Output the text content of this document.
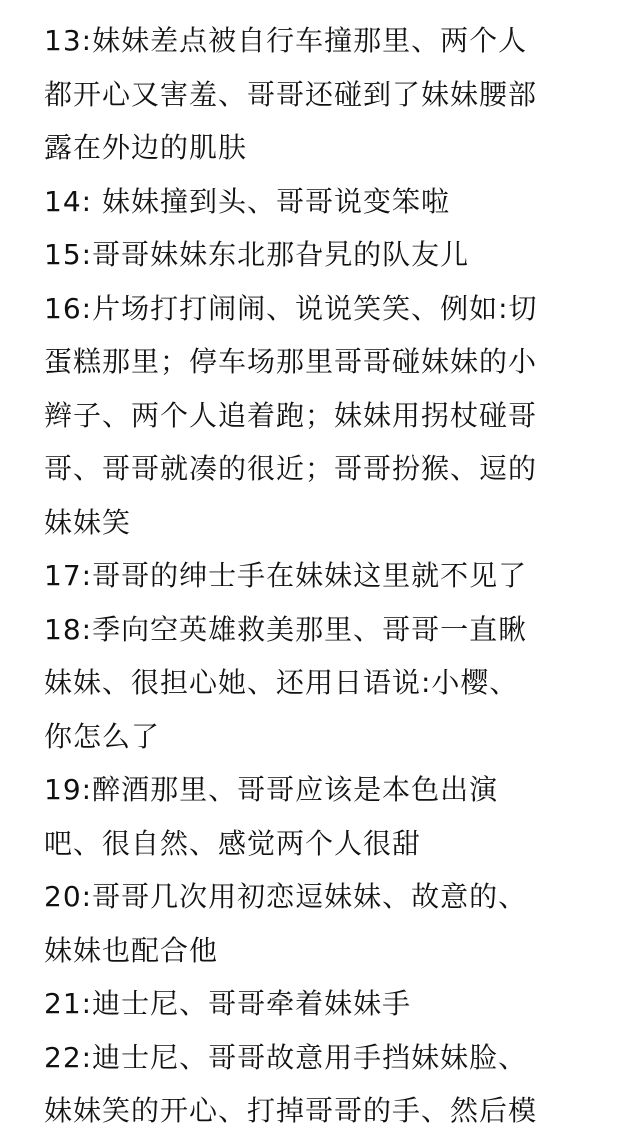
13:妹妹差点被自行车撞那里、两个人
都开心又害羞、哥哥还碰到了妹妹腰部
露在外边的肌肤
14: 妹妹撞到头、哥哥说变笨啦
15:哥哥妹妹东北那旮旯的队友儿
16:片场打打闹闹、说说笑笑、例如:切
蛋糕那里；停车场那里哥哥碰妹妹的小
辫子、两个人追着跑；妹妹用拐杖碰哥
哥、哥哥就凑的很近；哥哥扮猴、逗的
妹妹笑
17:哥哥的绅士手在妹妹这里就不见了
18:季向空英雄救美那里、哥哥一直瞅
妹妹、很担心她、还用日语说:小樱、
你怎么了
19:醉酒那里、哥哥应该是本色出演
吧、很自然、感觉两个人很甜
20:哥哥几次用初恋逗妹妹、故意的、
妹妹也配合他
21:迪士尼、哥哥牵着妹妹手
22:迪士尼、哥哥故意用手挡妹妹脸、
妹妹笑的开心、打掉哥哥的手、然后模
